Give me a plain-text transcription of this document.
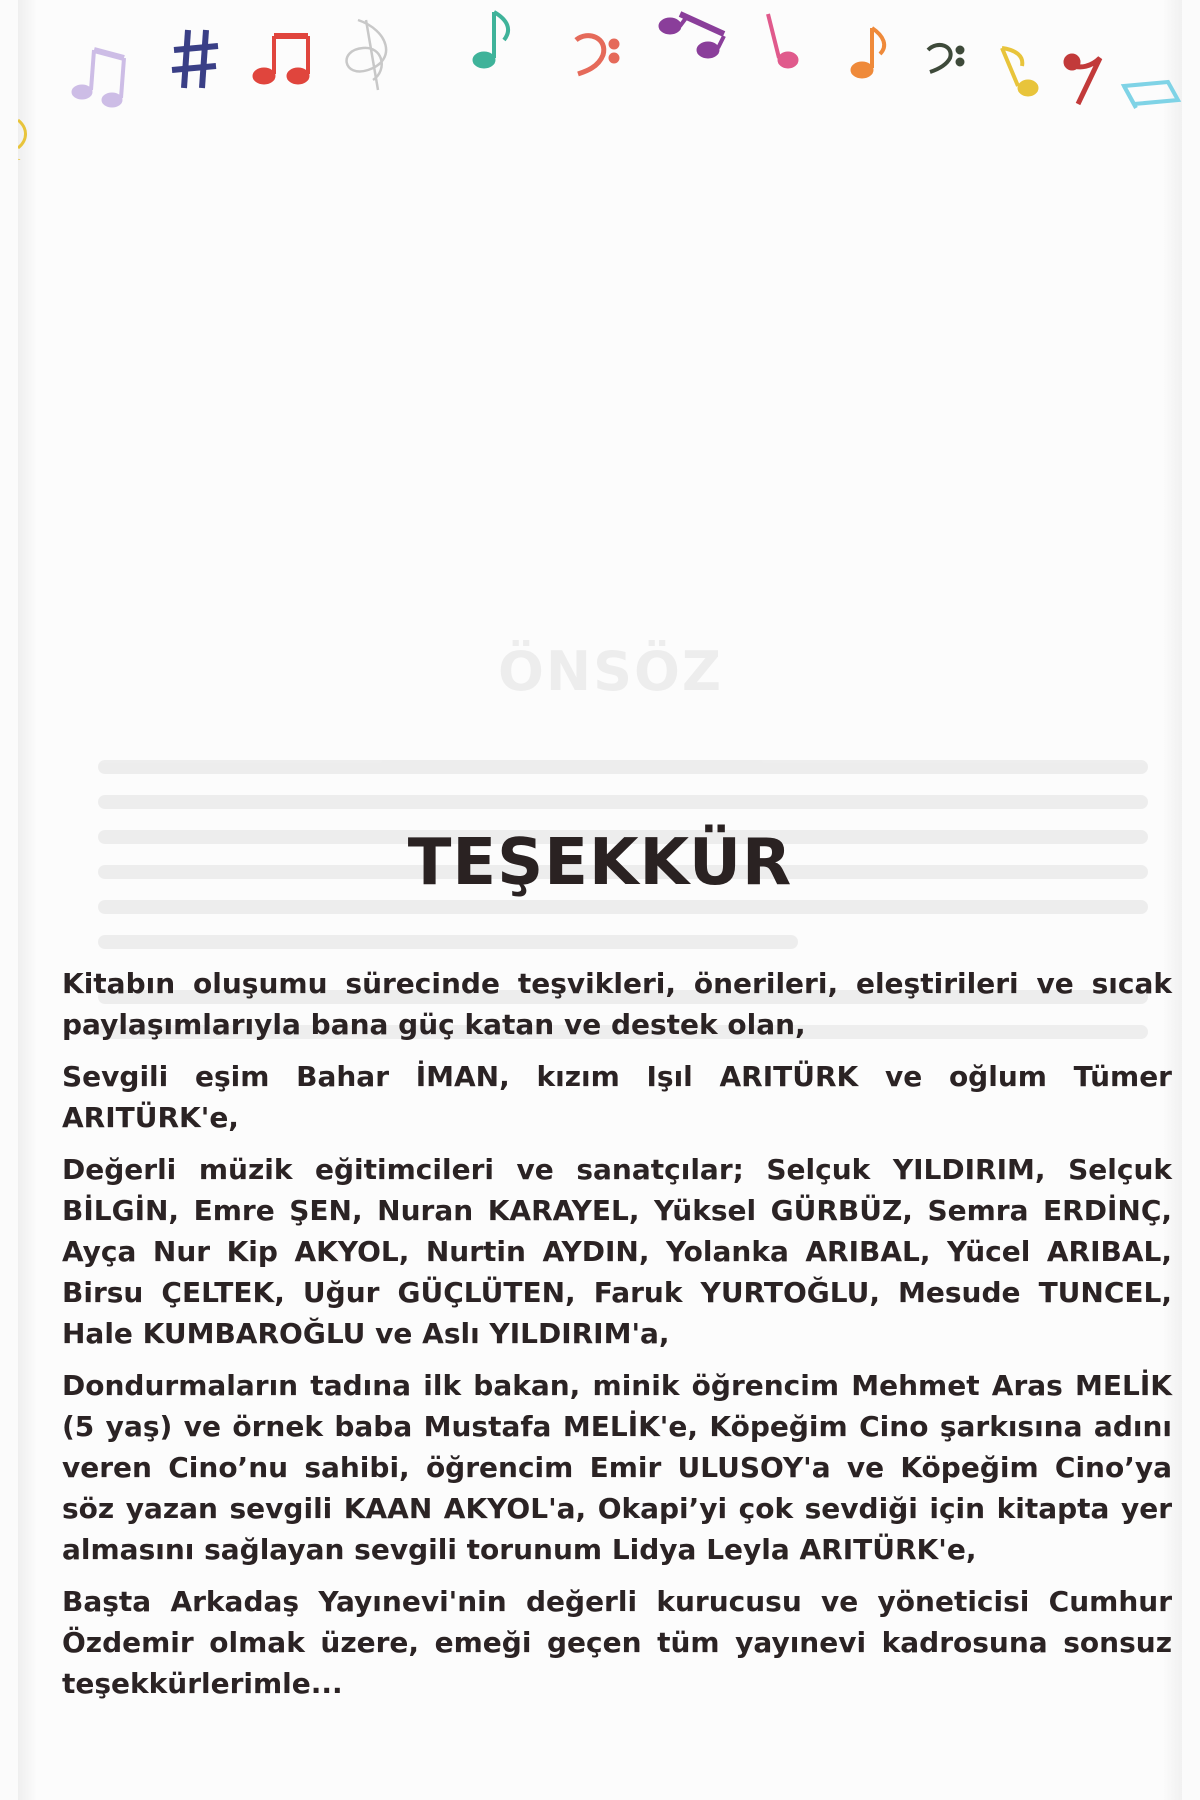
ÖNSÖZ
TEŞEKKÜR

Kitabın oluşumu sürecinde teşvikleri, önerileri, eleştirileri ve sıcak paylaşımlarıyla bana güç katan ve destek olan,

Sevgili eşim Bahar İMAN, kızım Işıl ARITÜRK ve oğlum Tümer ARITÜRK'e,

Değerli müzik eğitimcileri ve sanatçılar; Selçuk YILDIRIM, Selçuk BİLGİN, Emre ŞEN, Nuran KARAYEL, Yüksel GÜRBÜZ, Semra ERDİNÇ, Ayça Nur Kip AKYOL, Nurtin AYDIN, Yolanka ARIBAL, Yücel ARIBAL, Birsu ÇELTEK, Uğur GÜÇLÜTEN, Faruk YURTOĞLU, Mesude TUNCEL, Hale KUMBAROĞLU ve Aslı YILDIRIM'a,

Dondurmaların tadına ilk bakan, minik öğrencim Mehmet Aras MELİK (5 yaş) ve örnek baba Mustafa MELİK'e, Köpeğim Cino şarkısına adını veren Cino’nu sahibi, öğrencim Emir ULUSOY'a ve Köpeğim Cino’ya söz yazan sevgili KAAN AKYOL'a, Okapi’yi çok sevdiği için kitapta yer almasını sağlayan sevgili torunum Lidya Leyla ARITÜRK'e,

Başta Arkadaş Yayınevi'nin değerli kurucusu ve yöneticisi Cumhur Özdemir olmak üzere, emeği geçen tüm yayınevi kadrosuna sonsuz teşekkürlerimle...
